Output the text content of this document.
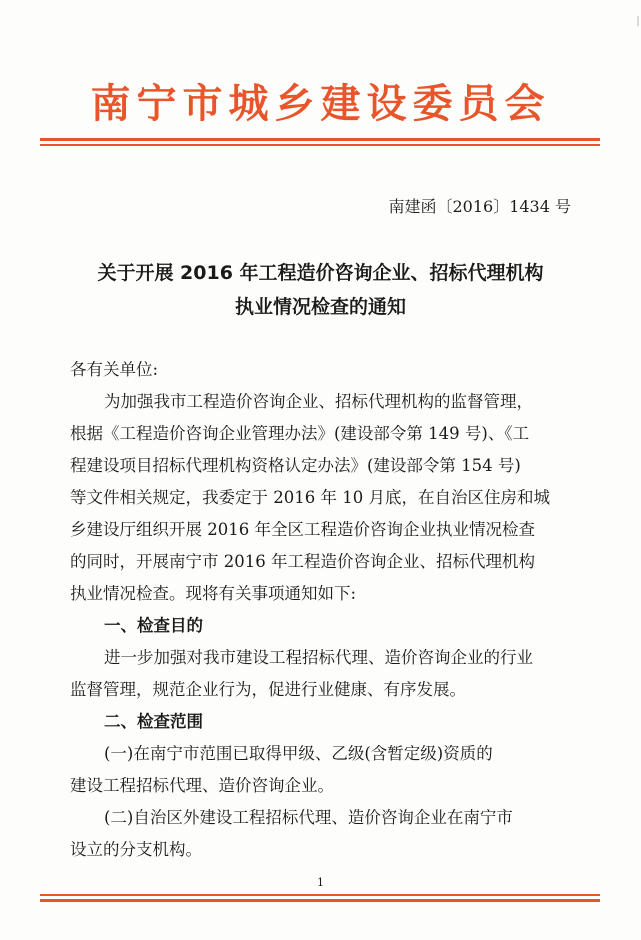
南宁市城乡建设委员会
南建函〔2016〕1434 号
关于开展 2016 年工程造价咨询企业、招标代理机构
执业情况检查的通知
各有关单位:
为加强我市工程造价咨询企业、招标代理机构的监督管理，
根据《工程造价咨询企业管理办法》(建设部令第 149 号)、《工
程建设项目招标代理机构资格认定办法》(建设部令第 154 号)
等文件相关规定，我委定于 2016 年 10 月底，在自治区住房和城
乡建设厅组织开展 2016 年全区工程造价咨询企业执业情况检查
的同时，开展南宁市 2016 年工程造价咨询企业、招标代理机构
执业情况检查。现将有关事项通知如下:
一、检查目的
进一步加强对我市建设工程招标代理、造价咨询企业的行业
监督管理，规范企业行为，促进行业健康、有序发展。
二、检查范围
(一)在南宁市范围已取得甲级、乙级(含暂定级)资质的
建设工程招标代理、造价咨询企业。
(二)自治区外建设工程招标代理、造价咨询企业在南宁市
设立的分支机构。
1
